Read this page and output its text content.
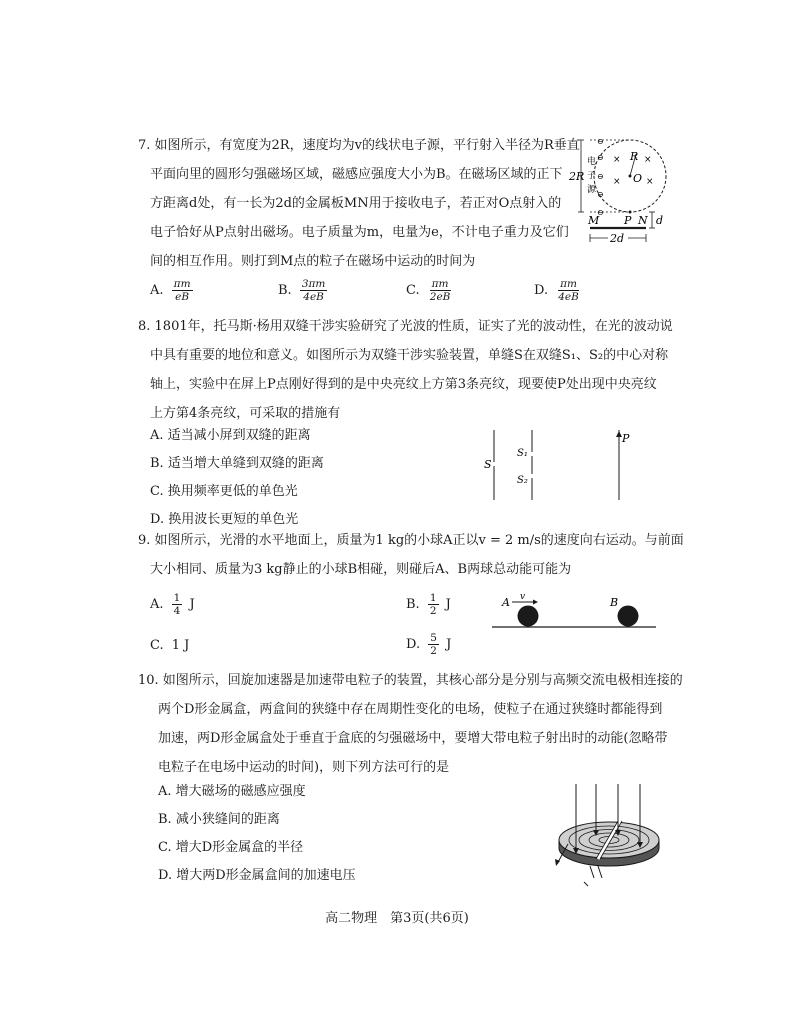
7. 如图所示，有宽度为2R，速度均为v的线状电子源，平行射入半径为R垂直
平面向里的圆形匀强磁场区域，磁感应强度大小为B。在磁场区域的正下
方距离d处，有一长为2d的金属板MN用于接收电子，若正对O点射入的
电子恰好从P点射出磁场。电子质量为m，电量为e，不计电子重力及它们
间的相互作用。则打到M点的粒子在磁场中运动的时间为
A. $\frac{\pi m}{eB}$	B. $\frac{3\pi m}{4eB}$	C. $\frac{\pi m}{2eB}$	D. $\frac{\pi m}{4eB}$
2R
电
子
源
⊖
⊖
⊖
⊖
⊖
R
O
×	×
×	×
P
M	N d
2d
8. 1801年，托马斯·杨用双缝干涉实验研究了光波的性质，证实了光的波动性，在光的波动说
中具有重要的地位和意义。如图所示为双缝干涉实验装置，单缝S在双缝S₁、S₂的中心对称
轴上，实验中在屏上P点刚好得到的是中央亮纹上方第3条亮纹，现要使P处出现中央亮纹
上方第4条亮纹，可采取的措施有
A. 适当减小屏到双缝的距离
B. 适当增大单缝到双缝的距离
C. 换用频率更低的单色光
D. 换用波长更短的单色光
S
S₁
S₂
P
9. 如图所示，光滑的水平地面上，质量为1 kg的小球A正以v = 2 m/s的速度向右运动。与前面
大小相同、质量为3 kg静止的小球B相碰，则碰后A、B两球总动能可能为
A. $\frac{1}{4}$ J	B. $\frac{1}{2}$ J
C. 1 J	D. $\frac{5}{2}$ J
A v	B
10. 如图所示，回旋加速器是加速带电粒子的装置，其核心部分是分别与高频交流电极相连接的
两个D形金属盒，两盒间的狭缝中存在周期性变化的电场，使粒子在通过狭缝时都能得到
加速，两D形金属盒处于垂直于盒底的匀强磁场中，要增大带电粒子射出时的动能(忽略带
电粒子在电场中运动的时间)，则下列方法可行的是
A. 增大磁场的磁感应强度
B. 减小狭缝间的距离
C. 增大D形金属盒的半径
D. 增大两D形金属盒间的加速电压
高二物理　第3页(共6页)
